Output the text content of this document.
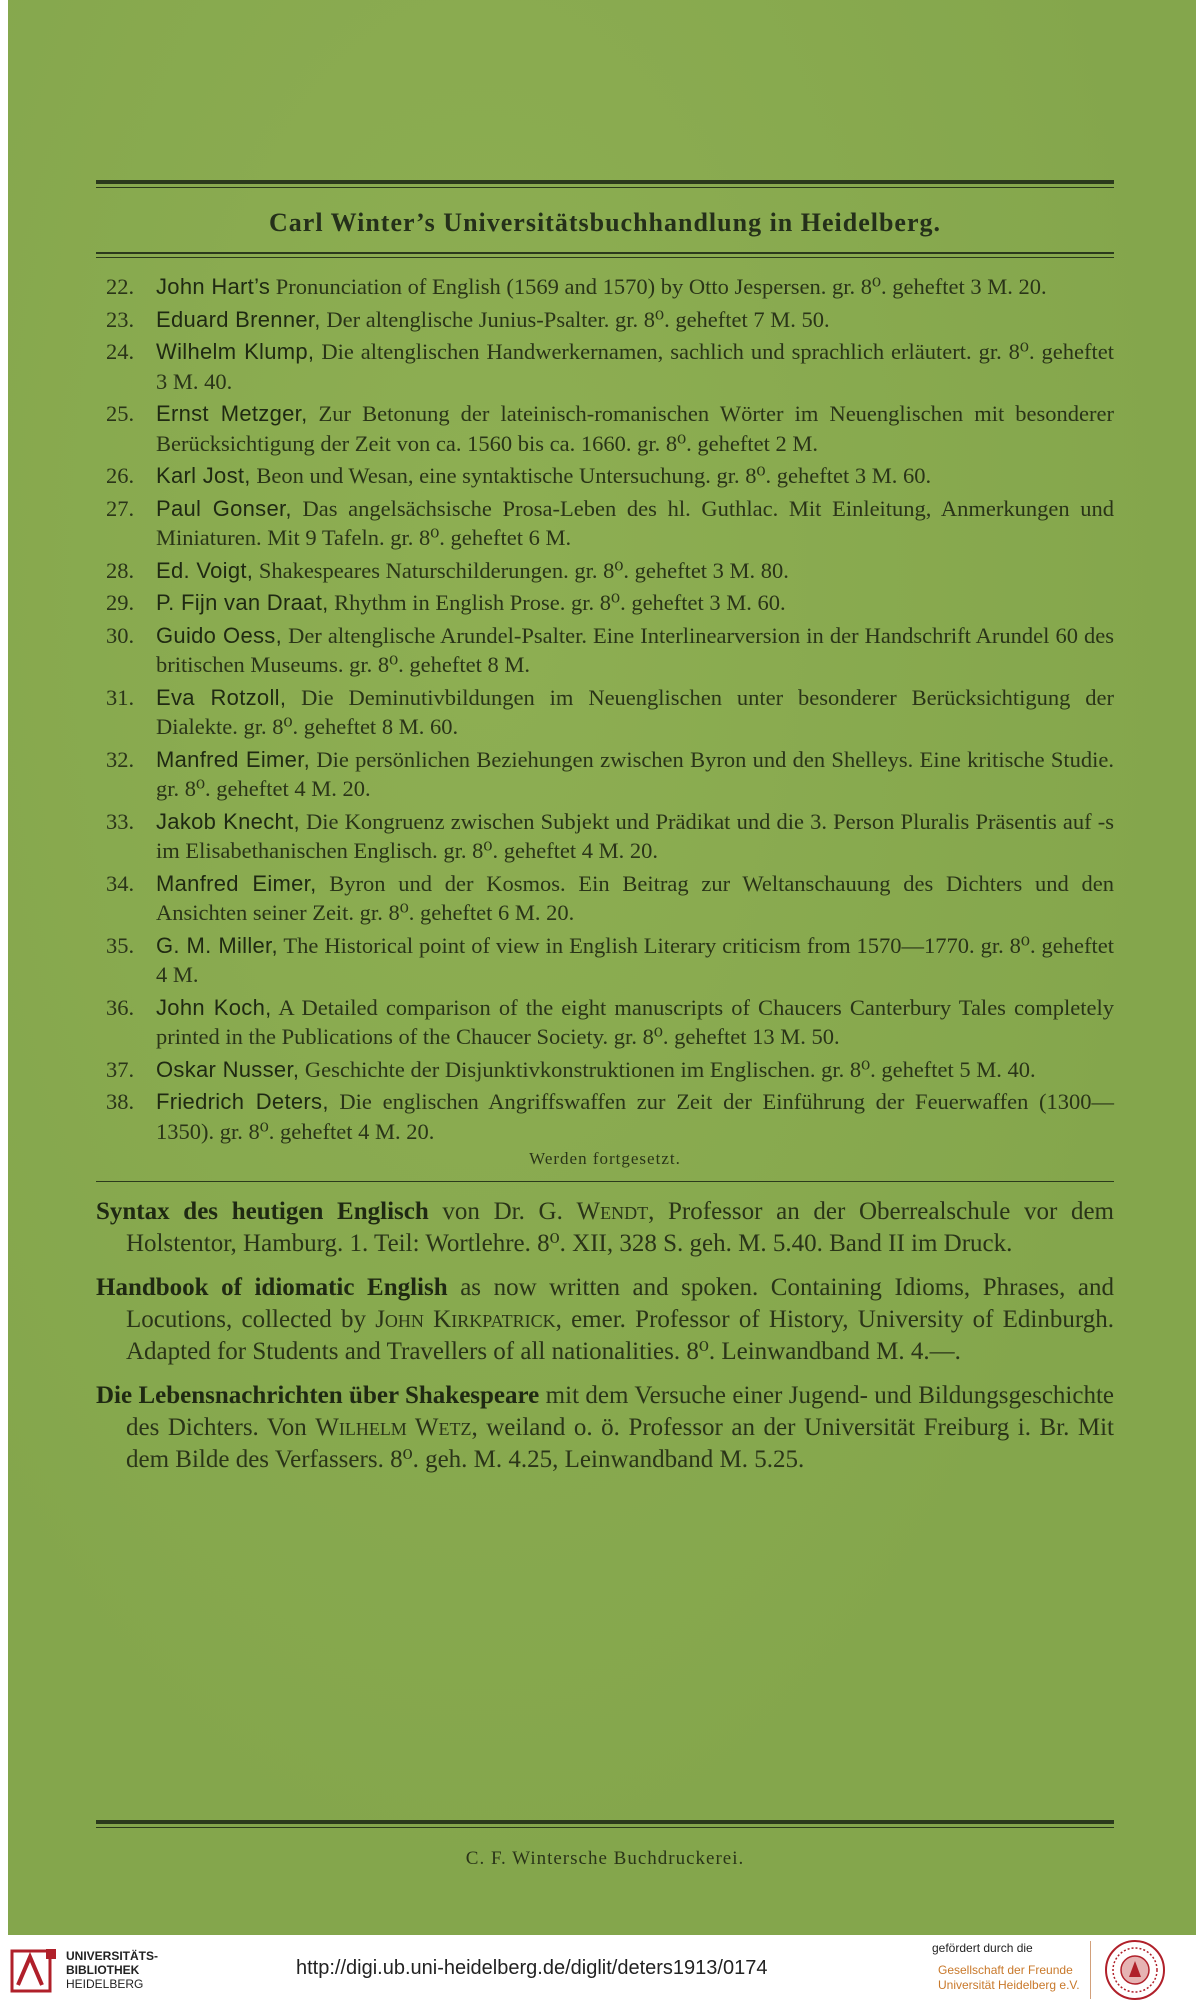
Carl Winter’s Universitätsbuchhandlung in Heidelberg.
22. John Hart’s Pronunciation of English (1569 and 1570) by Otto Jespersen. gr. 8⁰. geheftet 3 M. 20.
23. Eduard Brenner, Der altenglische Junius-Psalter. gr. 8⁰. geheftet 7 M. 50.
24. Wilhelm Klump, Die altenglischen Handwerkernamen, sachlich und sprachlich erläutert. gr. 8⁰. geheftet 3 M. 40.
25. Ernst Metzger, Zur Betonung der lateinisch-romanischen Wörter im Neuenglischen mit besonderer Berücksichtigung der Zeit von ca. 1560 bis ca. 1660. gr. 8⁰. geheftet 2 M.
26. Karl Jost, Beon und Wesan, eine syntaktische Untersuchung. gr. 8⁰. geheftet 3 M. 60.
27. Paul Gonser, Das angelsächsische Prosa-Leben des hl. Guthlac. Mit Einleitung, Anmerkungen und Miniaturen. Mit 9 Tafeln. gr. 8⁰. geheftet 6 M.
28. Ed. Voigt, Shakespeares Naturschilderungen. gr. 8⁰. geheftet 3 M. 80.
29. P. Fijn van Draat, Rhythm in English Prose. gr. 8⁰. geheftet 3 M. 60.
30. Guido Oess, Der altenglische Arundel-Psalter. Eine Interlinearversion in der Handschrift Arundel 60 des britischen Museums. gr. 8⁰. geheftet 8 M.
31. Eva Rotzoll, Die Deminutivbildungen im Neuenglischen unter besonderer Berücksichtigung der Dialekte. gr. 8⁰. geheftet 8 M. 60.
32. Manfred Eimer, Die persönlichen Beziehungen zwischen Byron und den Shelleys. Eine kritische Studie. gr. 8⁰. geheftet 4 M. 20.
33. Jakob Knecht, Die Kongruenz zwischen Subjekt und Prädikat und die 3. Person Pluralis Präsentis auf -s im Elisabethanischen Englisch. gr. 8⁰. geheftet 4 M. 20.
34. Manfred Eimer, Byron und der Kosmos. Ein Beitrag zur Weltanschauung des Dichters und den Ansichten seiner Zeit. gr. 8⁰. geheftet 6 M. 20.
35. G. M. Miller, The Historical point of view in English Literary criticism from 1570—1770. gr. 8⁰. geheftet 4 M.
36. John Koch, A Detailed comparison of the eight manuscripts of Chaucers Canterbury Tales completely printed in the Publications of the Chaucer Society. gr. 8⁰. geheftet 13 M. 50.
37. Oskar Nusser, Geschichte der Disjunktivkonstruktionen im Englischen. gr. 8⁰. geheftet 5 M. 40.
38. Friedrich Deters, Die englischen Angriffswaffen zur Zeit der Einführung der Feuerwaffen (1300—1350). gr. 8⁰. geheftet 4 M. 20.
Werden fortgesetzt.
Syntax des heutigen Englisch von Dr. G. Wendt, Professor an der Oberrealschule vor dem Holstentor, Hamburg. 1. Teil: Wortlehre. 8⁰. XII, 328 S. geh. M. 5.40. Band II im Druck.
Handbook of idiomatic English as now written and spoken. Containing Idioms, Phrases, and Locutions, collected by John Kirkpatrick, emer. Professor of History, University of Edinburgh. Adapted for Students and Travellers of all nationalities. 8⁰. Leinwandband M. 4.—.
Die Lebensnachrichten über Shakespeare mit dem Versuche einer Jugend- und Bildungsgeschichte des Dichters. Von Wilhelm Wetz, weiland o. ö. Professor an der Universität Freiburg i. Br. Mit dem Bilde des Verfassers. 8⁰. geh. M. 4.25, Leinwandband M. 5.25.
C. F. Wintersche Buchdruckerei.
UNIVERSITÄTS-
BIBLIOTHEK
HEIDELBERG
http://digi.ub.uni-heidelberg.de/diglit/deters1913/0174
gefördert durch die
Gesellschaft der Freunde
Universität Heidelberg e.V.
